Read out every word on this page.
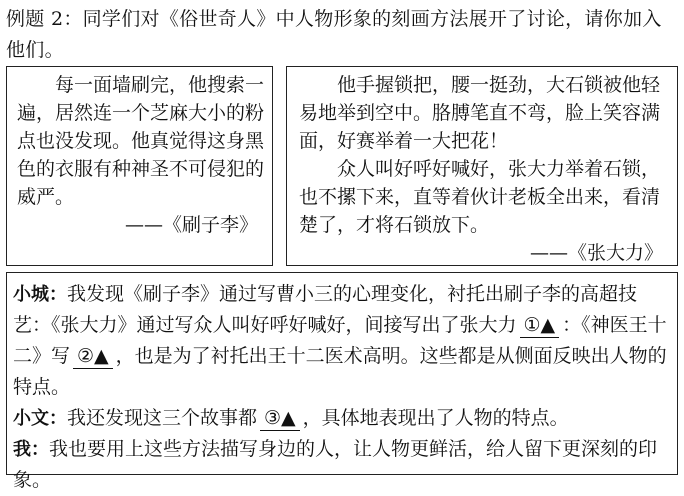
例题 2：同学们对《俗世奇人》中人物形象的刻画方法展开了讨论，请你加入他们。

每一面墙刷完，他搜索一遍，居然连一个芝麻大小的粉点也没发现。他真觉得这身黑色的衣服有种神圣不可侵犯的威严。

——《刷子李》

他手握锁把，腰一挺劲，大石锁被他轻易地举到空中。胳膊笔直不弯，脸上笑容满面，好赛举着一大把花！

众人叫好呼好喊好，张大力举着石锁，也不摞下来，直等着伙计老板全出来，看清楚了，才将石锁放下。

——《张大力》

小城：我发现《刷子李》通过写曹小三的心理变化，衬托出刷子李的高超技艺：《张大力》通过写众人叫好呼好喊好，间接写出了张大力 ①▲ ：《神医王十二》写 ②▲ ，也是为了衬托出王十二医术高明。这些都是从侧面反映出人物的特点。

小文：我还发现这三个故事都 ③▲ ，具体地表现出了人物的特点。

我：我也要用上这些方法描写身边的人，让人物更鲜活，给人留下更深刻的印象。
